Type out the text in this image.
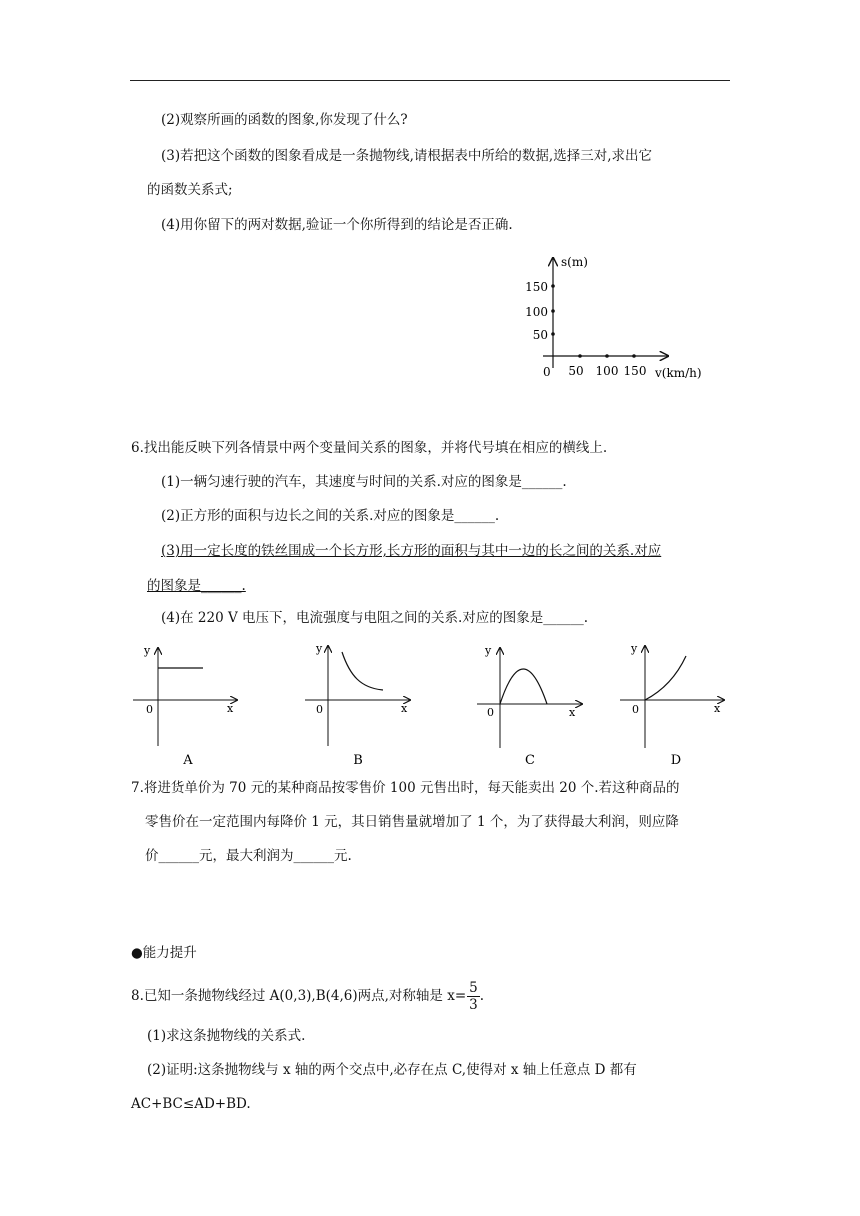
(2)观察所画的函数的图象,你发现了什么?
(3)若把这个函数的图象看成是一条抛物线,请根据表中所给的数据,选择三对,求出它
的函数关系式;
(4)用你留下的两对数据,验证一个你所得到的结论是否正确.
s(m)
v(km/h)
0
50
100
150
50 100 150
6.找出能反映下列各情景中两个变量间关系的图象，并将代号填在相应的横线上.
(1)一辆匀速行驶的汽车，其速度与时间的关系.对应的图象是______.
(2)正方形的面积与边长之间的关系.对应的图象是______.
(3)用一定长度的铁丝围成一个长方形,长方形的面积与其中一边的长之间的关系.对应
的图象是______.
(4)在 220 V 电压下，电流强度与电阻之间的关系.对应的图象是______.
y
x
0
A
y
x
0
B
y
x
0
C
y
x
0
D
7.将进货单价为 70 元的某种商品按零售价 100 元售出时，每天能卖出 20 个.若这种商品的
零售价在一定范围内每降价 1 元，其日销售量就增加了 1 个，为了获得最大利润，则应降
价______元，最大利润为______元.
●能力提升
8.已知一条抛物线经过 A(0,3),B(4,6)两点,对称轴是 $x= \frac{5}{3}$ .
(1)求这条抛物线的关系式.
(2)证明:这条抛物线与 x 轴的两个交点中,必存在点 C,使得对 x 轴上任意点 D 都有
AC+BC≤AD+BD.
